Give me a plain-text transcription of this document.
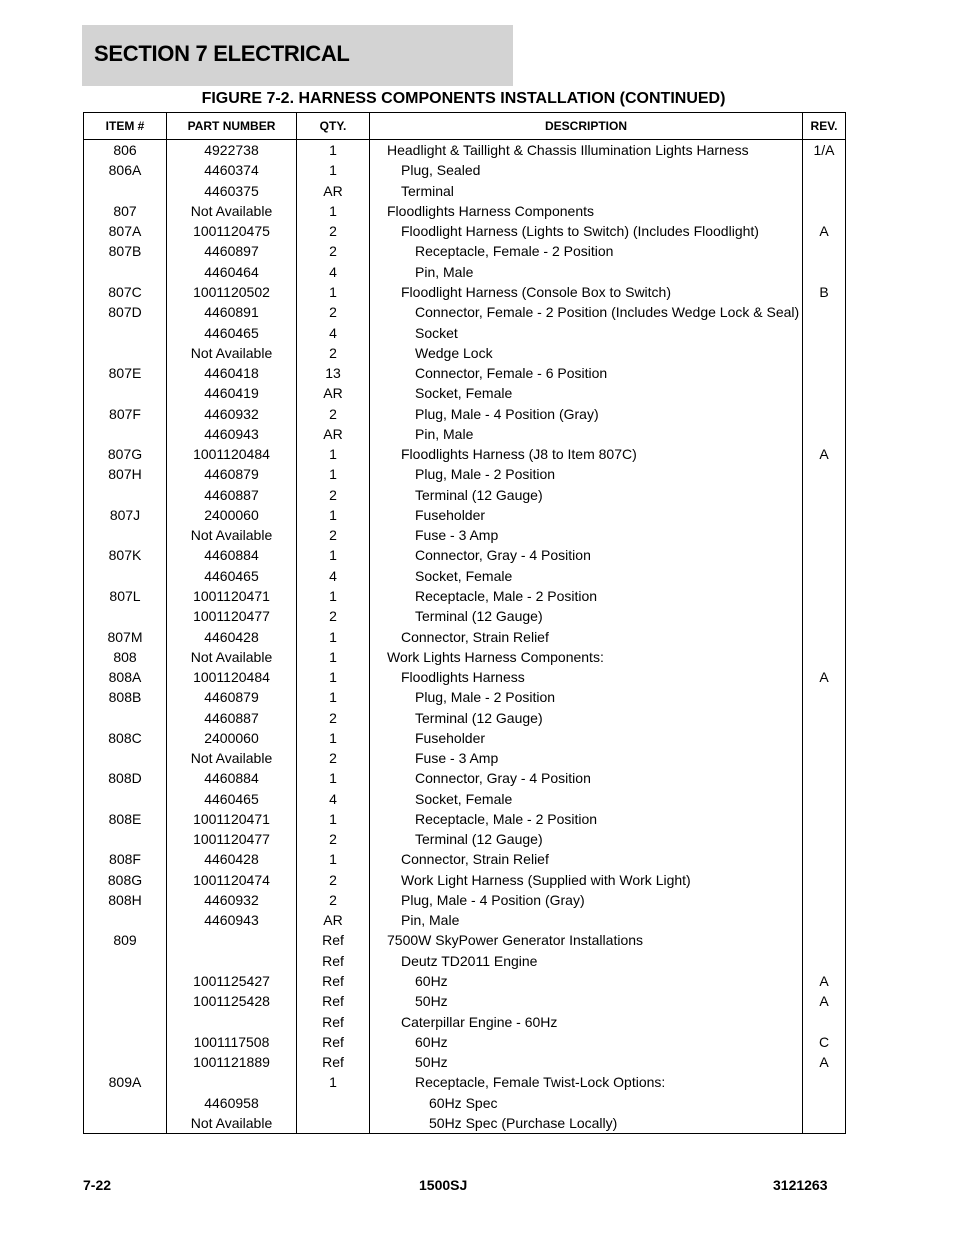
SECTION 7 ELECTRICAL
FIGURE 7-2. HARNESS COMPONENTS INSTALLATION (CONTINUED)
ITEM #	PART NUMBER	QTY.	DESCRIPTION	REV.
806	4922738	1	Headlight & Taillight & Chassis Illumination Lights Harness	1/A
806A	4460374	1	Plug, Sealed	
	4460375	AR	Terminal	
807	Not Available	1	Floodlights Harness Components	
807A	1001120475	2	Floodlight Harness (Lights to Switch) (Includes Floodlight)	A
807B	4460897	2	Receptacle, Female - 2 Position	
	4460464	4	Pin, Male	
807C	1001120502	1	Floodlight Harness (Console Box to Switch)	B
807D	4460891	2	Connector, Female - 2 Position (Includes Wedge Lock & Seal)	
	4460465	4	Socket	
	Not Available	2	Wedge Lock	
807E	4460418	13	Connector, Female - 6 Position	
	4460419	AR	Socket, Female	
807F	4460932	2	Plug, Male - 4 Position (Gray)	
	4460943	AR	Pin, Male	
807G	1001120484	1	Floodlights Harness (J8 to Item 807C)	A
807H	4460879	1	Plug, Male - 2 Position	
	4460887	2	Terminal (12 Gauge)	
807J	2400060	1	Fuseholder	
	Not Available	2	Fuse - 3 Amp	
807K	4460884	1	Connector, Gray - 4 Position	
	4460465	4	Socket, Female	
807L	1001120471	1	Receptacle, Male - 2 Position	
	1001120477	2	Terminal (12 Gauge)	
807M	4460428	1	Connector, Strain Relief	
808	Not Available	1	Work Lights Harness Components:	
808A	1001120484	1	Floodlights Harness	A
808B	4460879	1	Plug, Male - 2 Position	
	4460887	2	Terminal (12 Gauge)	
808C	2400060	1	Fuseholder	
	Not Available	2	Fuse - 3 Amp	
808D	4460884	1	Connector, Gray - 4 Position	
	4460465	4	Socket, Female	
808E	1001120471	1	Receptacle, Male - 2 Position	
	1001120477	2	Terminal (12 Gauge)	
808F	4460428	1	Connector, Strain Relief	
808G	1001120474	2	Work Light Harness (Supplied with Work Light)	
808H	4460932	2	Plug, Male - 4 Position (Gray)	
	4460943	AR	Pin, Male	
809		Ref	7500W SkyPower Generator Installations	
		Ref	Deutz TD2011 Engine	
	1001125427	Ref	60Hz	A
	1001125428	Ref	50Hz	A
		Ref	Caterpillar Engine - 60Hz	
	1001117508	Ref	60Hz	C
	1001121889	Ref	50Hz	A
809A		1	Receptacle, Female Twist-Lock Options:	
	4460958		60Hz Spec	
	Not Available		50Hz Spec (Purchase Locally)	
7-22	1500SJ	3121263
